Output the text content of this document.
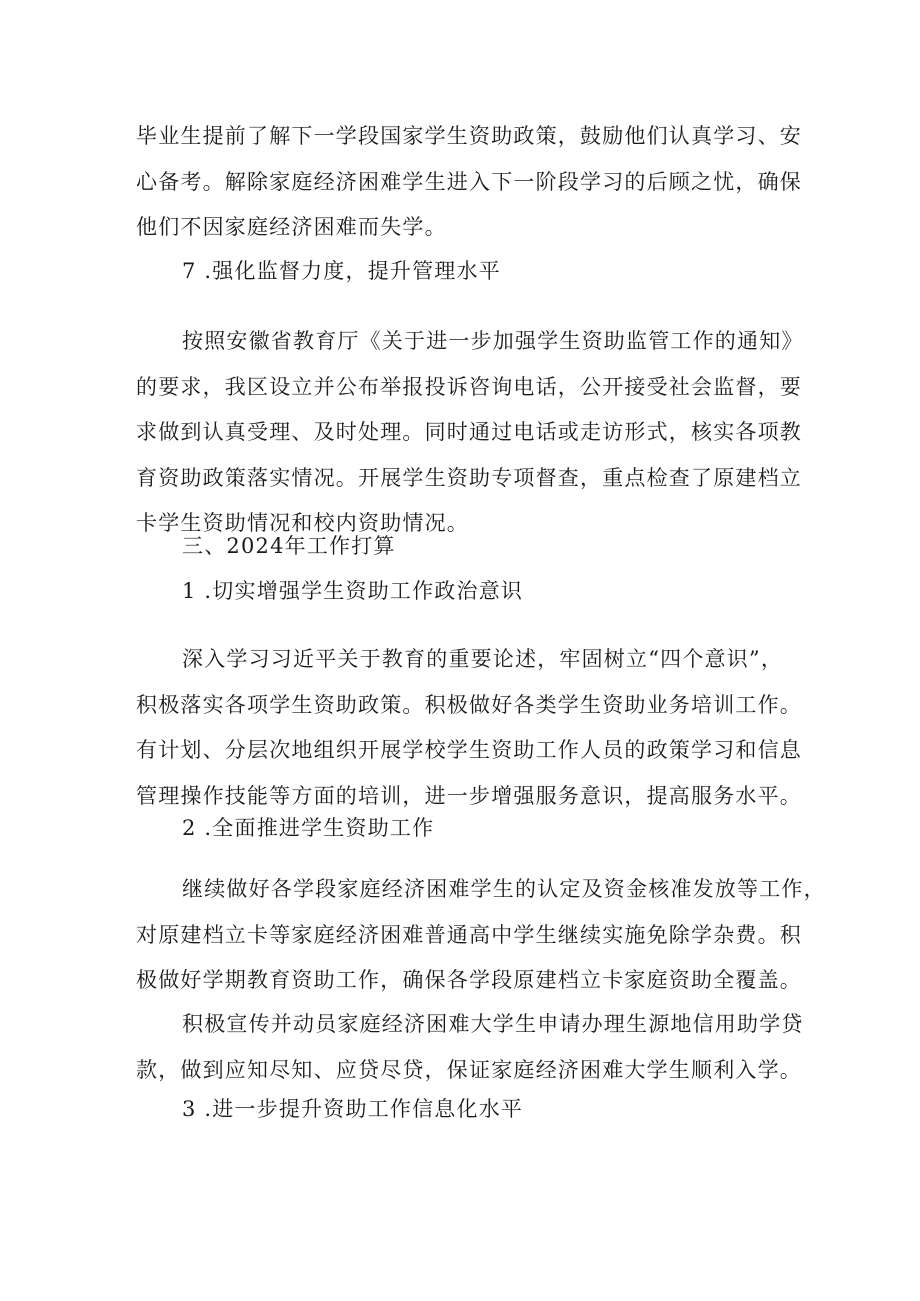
毕业生提前了解下一学段国家学生资助政策，鼓励他们认真学习、安
心备考。解除家庭经济困难学生进入下一阶段学习的后顾之忧，确保
他们不因家庭经济困难而失学。

7 .强化监督力度，提升管理水平

按照安徽省教育厅《关于进一步加强学生资助监管工作的通知》
的要求，我区设立并公布举报投诉咨询电话，公开接受社会监督，要
求做到认真受理、及时处理。同时通过电话或走访形式，核实各项教
育资助政策落实情况。开展学生资助专项督查，重点检查了原建档立
卡学生资助情况和校内资助情况。

三、2024年工作打算

1 .切实增强学生资助工作政治意识

深入学习习近平关于教育的重要论述，牢固树立“四个意识”，
积极落实各项学生资助政策。积极做好各类学生资助业务培训工作。
有计划、分层次地组织开展学校学生资助工作人员的政策学习和信息
管理操作技能等方面的培训，进一步增强服务意识，提高服务水平。

2 .全面推进学生资助工作

继续做好各学段家庭经济困难学生的认定及资金核准发放等工作，
对原建档立卡等家庭经济困难普通高中学生继续实施免除学杂费。积
极做好学期教育资助工作，确保各学段原建档立卡家庭资助全覆盖。

积极宣传并动员家庭经济困难大学生申请办理生源地信用助学贷
款，做到应知尽知、应贷尽贷，保证家庭经济困难大学生顺利入学。

3 .进一步提升资助工作信息化水平
